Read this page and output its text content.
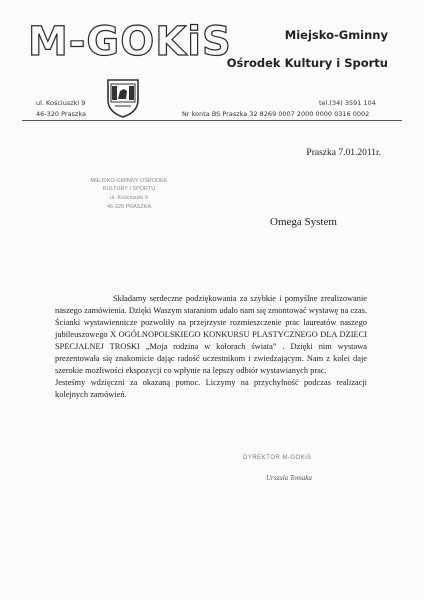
M-GOKiS	Miejsko-Gminny
Ośrodek Kultury i Sportu
ul. Kościuszki 9
46-320 Praszka
tel.(34) 3591 104
Nr konta BS Praszka 32 8269 0007 2000 0000 0316 0002
Praszka 7.01.2011r.
MIEJSKO-GMINNY OŚRODEK
KULTURY I SPORTU
ul. Kościuszki 9
46-320 PRASZKA
Omega System

Składamy serdeczne podziękowania za szybkie i pomyślne zrealizowanie naszego zamówienia. Dzięki Waszym staraniom udało nam się zmontować wystawę na czas. Ścianki wystawiennicze pozwoliły na przejrzyste rozmieszczenie prac laureatów naszego jubileuszowego X OGÓLNOPOLSKIEGO KONKURSU PLASTYCZNEGO DLA DZIECI SPECJALNEJ TROSKI „Moja rodzina w kolorach świata” . Dzięki nim wystawa prezentowała się znakomicie dając radość uczestnikom i zwiedzającym. Nam z kolei daje szerokie możliwości ekspozycji co wpłynie na lepszy odbiór wystawianych prac.

Jesteśmy wdzięczni za okazaną pomoc. Liczymy na przychylność podczas realizacji kolejnych zamówień.

DYREKTOR M-GOKiS
Urszula Tomaka
